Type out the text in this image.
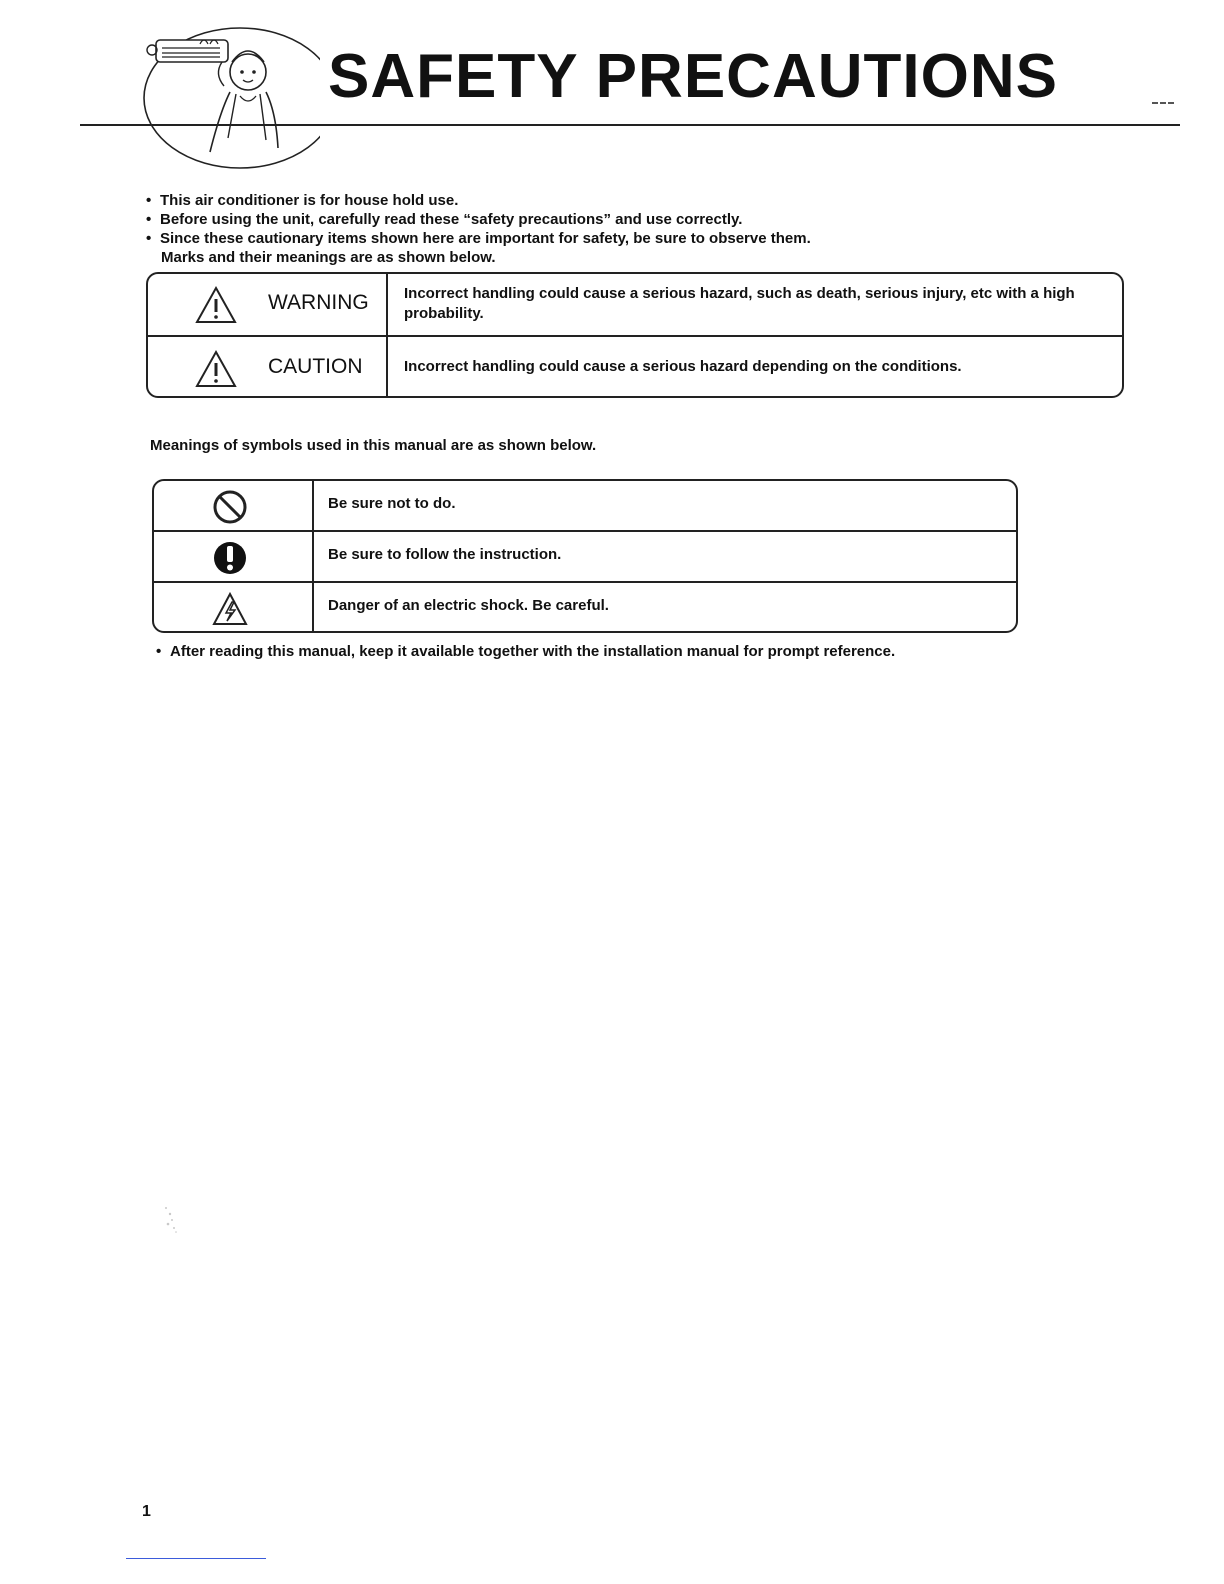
SAFETY PRECAUTIONS
• This air conditioner is for house hold use.
• Before using the unit, carefully read these “safety precautions” and use correctly.
• Since these cautionary items shown here are important for safety, be sure to observe them.
Marks and their meanings are as shown below.
WARNING Incorrect handling could cause a serious hazard, such as death, serious injury, etc with a high probability.
CAUTION	Incorrect handling could cause a serious hazard depending on the conditions.
Meanings of symbols used in this manual are as shown below.
Be sure not to do.
Be sure to follow the instruction.
Danger of an electric shock. Be careful.
• After reading this manual, keep it available together with the installation manual for prompt reference.
1
